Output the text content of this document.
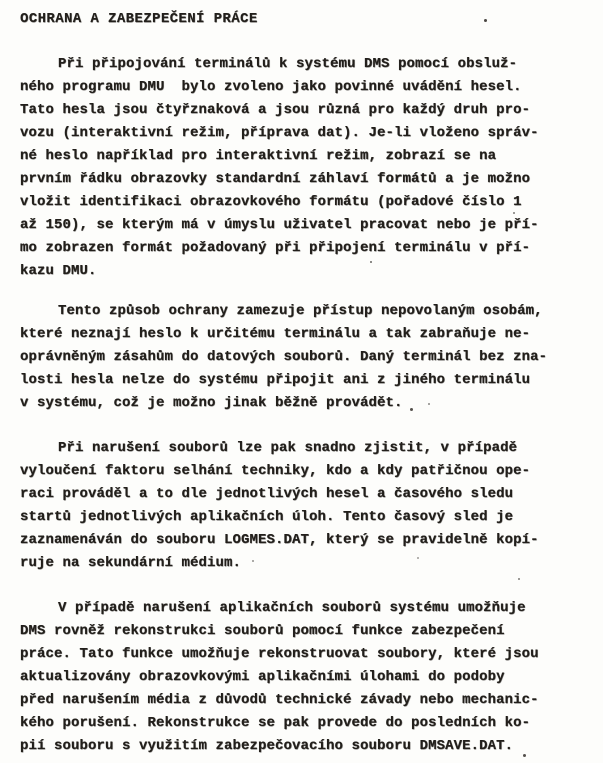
OCHRANA A ZABEZPEČENÍ PRÁCE
Při připojování terminálů k systému DMS pomocí obsluž-
ného programu DMU  bylo zvoleno jako povinné uvádění hesel.
Tato hesla jsou čtyřznaková a jsou různá pro každý druh pro-
vozu (interaktivní režim, příprava dat). Je-li vloženo správ-
né heslo například pro interaktivní režim, zobrazí se na
prvním řádku obrazovky standardní záhlaví formátů a je možno
vložit identifikaci obrazovkového formátu (pořadové číslo 1
až 150), se kterým má v úmyslu uživatel pracovat nebo je pří-
mo zobrazen formát požadovaný při připojení terminálu v pří-
kazu DMU.
Tento způsob ochrany zamezuje přístup nepovolaným osobám,
které neznají heslo k určitému terminálu a tak zabraňuje ne-
oprávněným zásahům do datových souborů. Daný terminál bez zna-
losti hesla nelze do systému připojit ani z jiného terminálu
v systému, což je možno jinak běžně provádět.
Při narušení souborů lze pak snadno zjistit, v případě
vyloučení faktoru selhání techniky, kdo a kdy patřičnou ope-
raci prováděl a to dle jednotlivých hesel a časového sledu
startů jednotlivých aplikačních úloh. Tento časový sled je
zaznamenáván do souboru LOGMES.DAT, který se pravidelně kopí-
ruje na sekundární médium.
V případě narušení aplikačních souborů systému umožňuje
DMS rovněž rekonstrukci souborů pomocí funkce zabezpečení
práce. Tato funkce umožňuje rekonstruovat soubory, které jsou
aktualizovány obrazovkovými aplikačními úlohami do podoby
před narušením média z důvodů technické závady nebo mechanic-
kého porušení. Rekonstrukce se pak provede do posledních ko-
pií souboru s využitím zabezpečovacího souboru DMSAVE.DAT.
